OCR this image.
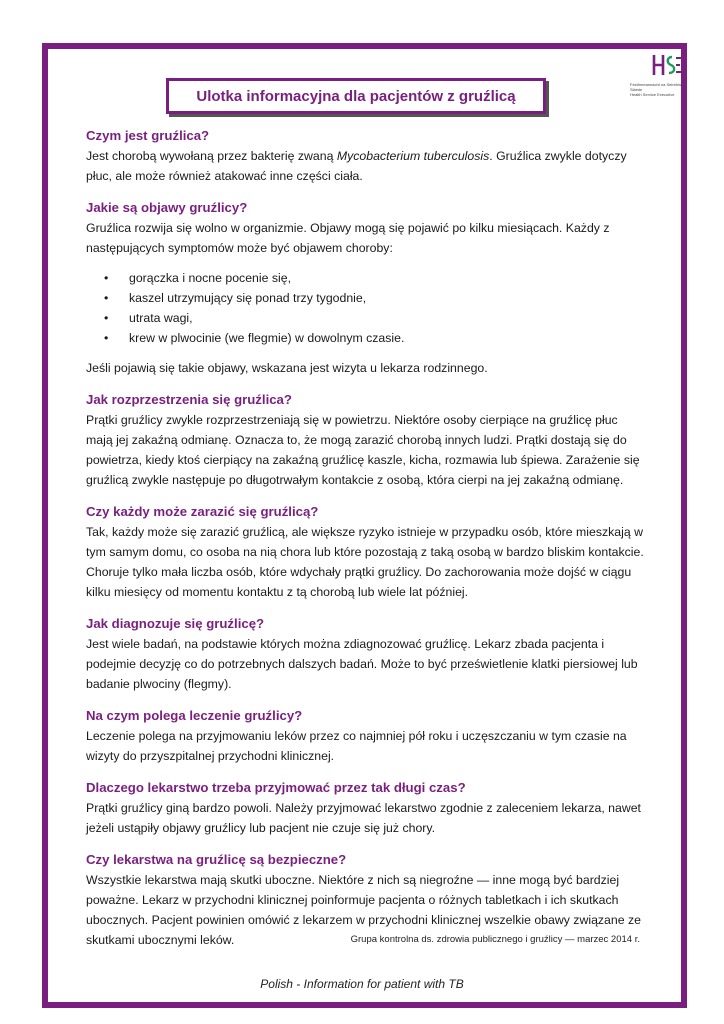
Feidhmeannacht na Seirbhíse Sláinte
Health Service Executive
Ulotka informacyjna dla pacjentów z gruźlicą
Czym jest gruźlica?

Jest chorobą wywołaną przez bakterię zwaną Mycobacterium tuberculosis. Gruźlica zwykle dotyczy płuc, ale może również atakować inne części ciała.

Jakie są objawy gruźlicy?

Gruźlica rozwija się wolno w organizmie. Objawy mogą się pojawić po kilku miesiącach. Każdy z następujących symptomów może być objawem choroby:

• gorączka i nocne pocenie się,
• kaszel utrzymujący się ponad trzy tygodnie,
• utrata wagi,
• krew w plwocinie (we flegmie) w dowolnym czasie.

Jeśli pojawią się takie objawy, wskazana jest wizyta u lekarza rodzinnego.

Jak rozprzestrzenia się gruźlica?

Prątki gruźlicy zwykle rozprzestrzeniają się w powietrzu. Niektóre osoby cierpiące na gruźlicę płuc mają jej zakaźną odmianę. Oznacza to, że mogą zarazić chorobą innych ludzi. Prątki dostają się do powietrza, kiedy ktoś cierpiący na zakaźną gruźlicę kaszle, kicha, rozmawia lub śpiewa. Zarażenie się gruźlicą zwykle następuje po długotrwałym kontakcie z osobą, która cierpi na jej zakaźną odmianę.

Czy każdy może zarazić się gruźlicą?

Tak, każdy może się zarazić gruźlicą, ale większe ryzyko istnieje w przypadku osób, które mieszkają w tym samym domu, co osoba na nią chora lub które pozostają z taką osobą w bardzo bliskim kontakcie. Choruje tylko mała liczba osób, które wdychały prątki gruźlicy. Do zachorowania może dojść w ciągu kilku miesięcy od momentu kontaktu z tą chorobą lub wiele lat później.

Jak diagnozuje się gruźlicę?

Jest wiele badań, na podstawie których można zdiagnozować gruźlicę. Lekarz zbada pacjenta i podejmie decyzję co do potrzebnych dalszych badań. Może to być prześwietlenie klatki piersiowej lub badanie plwociny (flegmy).

Na czym polega leczenie gruźlicy?

Leczenie polega na przyjmowaniu leków przez co najmniej pół roku i uczęszczaniu w tym czasie na wizyty do przyszpitalnej przychodni klinicznej.

Dlaczego lekarstwo trzeba przyjmować przez tak długi czas?

Prątki gruźlicy giną bardzo powoli. Należy przyjmować lekarstwo zgodnie z zaleceniem lekarza, nawet jeżeli ustąpiły objawy gruźlicy lub pacjent nie czuje się już chory.

Czy lekarstwa na gruźlicę są bezpieczne?

Wszystkie lekarstwa mają skutki uboczne. Niektóre z nich są niegroźne — inne mogą być bardziej poważne. Lekarz w przychodni klinicznej poinformuje pacjenta o różnych tabletkach i ich skutkach ubocznych. Pacjent powinien omówić z lekarzem w przychodni klinicznej wszelkie obawy związane ze skutkami ubocznymi leków.	Grupa kontrolna ds. zdrowia publicznego i gruźlicy — marzec 2014 r.
Polish - Information for patient with TB
